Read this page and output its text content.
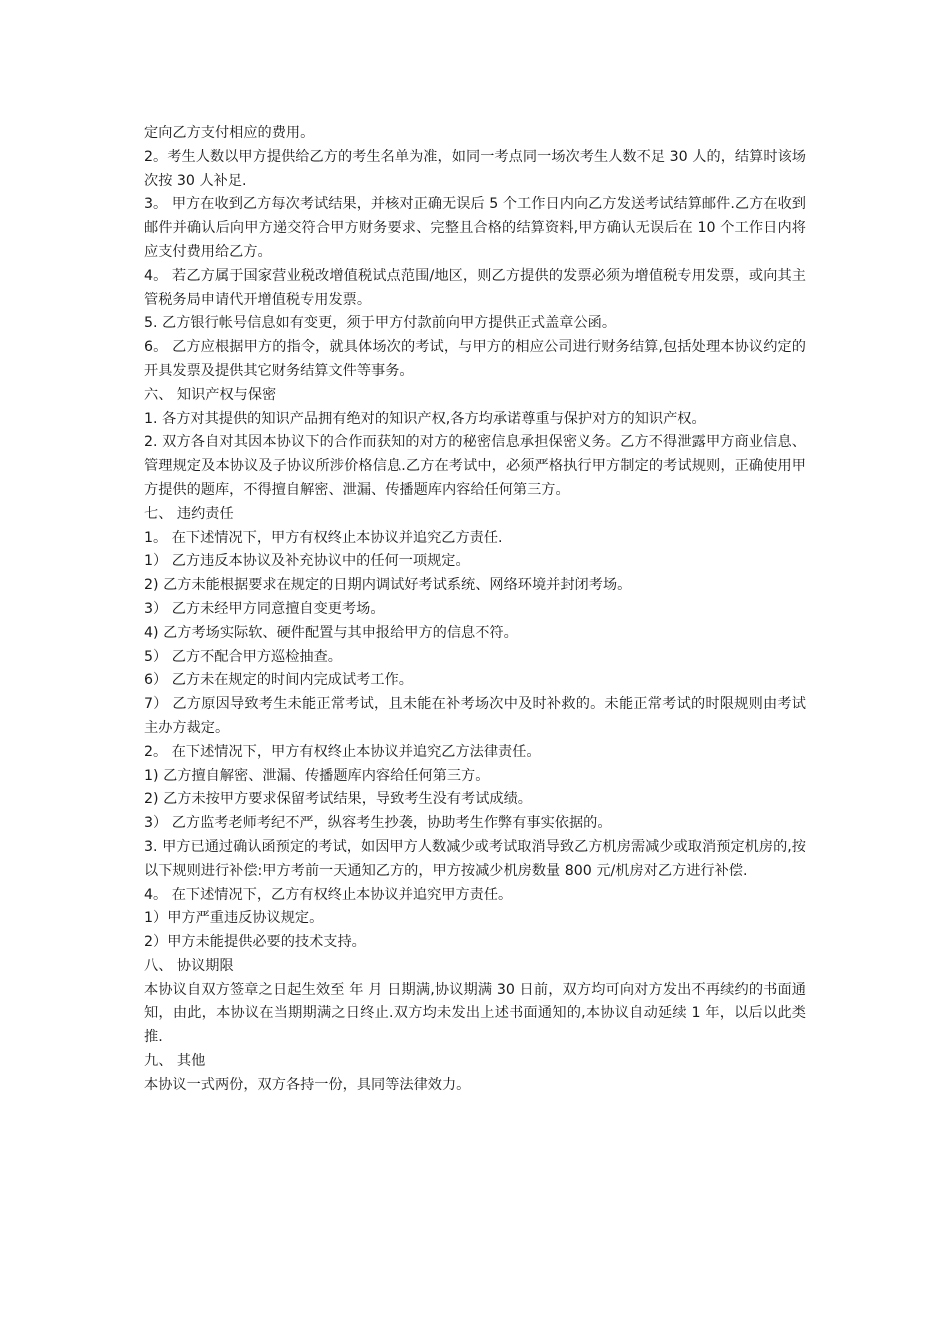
定向乙方支付相应的费用。

2。考生人数以甲方提供给乙方的考生名单为准，如同一考点同一场次考生人数不足 30 人的，结算时该场次按 30 人补足.

3。 甲方在收到乙方每次考试结果，并核对正确无误后 5 个工作日内向乙方发送考试结算邮件.乙方在收到邮件并确认后向甲方递交符合甲方财务要求、完整且合格的结算资料,甲方确认无误后在 10 个工作日内将应支付费用给乙方。

4。 若乙方属于国家营业税改增值税试点范围/地区，则乙方提供的发票必须为增值税专用发票，或向其主管税务局申请代开增值税专用发票。

5. 乙方银行帐号信息如有变更，须于甲方付款前向甲方提供正式盖章公函。

6。 乙方应根据甲方的指令，就具体场次的考试，与甲方的相应公司进行财务结算,包括处理本协议约定的开具发票及提供其它财务结算文件等事务。

六、 知识产权与保密

1. 各方对其提供的知识产品拥有绝对的知识产权,各方均承诺尊重与保护对方的知识产权。

2. 双方各自对其因本协议下的合作而获知的对方的秘密信息承担保密义务。乙方不得泄露甲方商业信息、管理规定及本协议及子协议所涉价格信息.乙方在考试中，必须严格执行甲方制定的考试规则，正确使用甲方提供的题库，不得擅自解密、泄漏、传播题库内容给任何第三方。

七、 违约责任

1。 在下述情况下，甲方有权终止本协议并追究乙方责任.

1） 乙方违反本协议及补充协议中的任何一项规定。

2) 乙方未能根据要求在规定的日期内调试好考试系统、网络环境并封闭考场。

3） 乙方未经甲方同意擅自变更考场。

4) 乙方考场实际软、硬件配置与其申报给甲方的信息不符。

5） 乙方不配合甲方巡检抽查。

6） 乙方未在规定的时间内完成试考工作。

7） 乙方原因导致考生未能正常考试，且未能在补考场次中及时补救的。未能正常考试的时限规则由考试主办方裁定。

2。 在下述情况下，甲方有权终止本协议并追究乙方法律责任。

1) 乙方擅自解密、泄漏、传播题库内容给任何第三方。

2) 乙方未按甲方要求保留考试结果，导致考生没有考试成绩。

3） 乙方监考老师考纪不严，纵容考生抄袭，协助考生作弊有事实依据的。

3. 甲方已通过确认函预定的考试，如因甲方人数减少或考试取消导致乙方机房需减少或取消预定机房的,按以下规则进行补偿:甲方考前一天通知乙方的，甲方按减少机房数量 800 元/机房对乙方进行补偿.

4。 在下述情况下，乙方有权终止本协议并追究甲方责任。

1）甲方严重违反协议规定。

2）甲方未能提供必要的技术支持。

八、 协议期限

本协议自双方签章之日起生效至 年 月 日期满,协议期满 30 日前，双方均可向对方发出不再续约的书面通知，由此，本协议在当期期满之日终止.双方均未发出上述书面通知的,本协议自动延续 1 年，以后以此类推.

九、 其他

本协议一式两份，双方各持一份，具同等法律效力。
